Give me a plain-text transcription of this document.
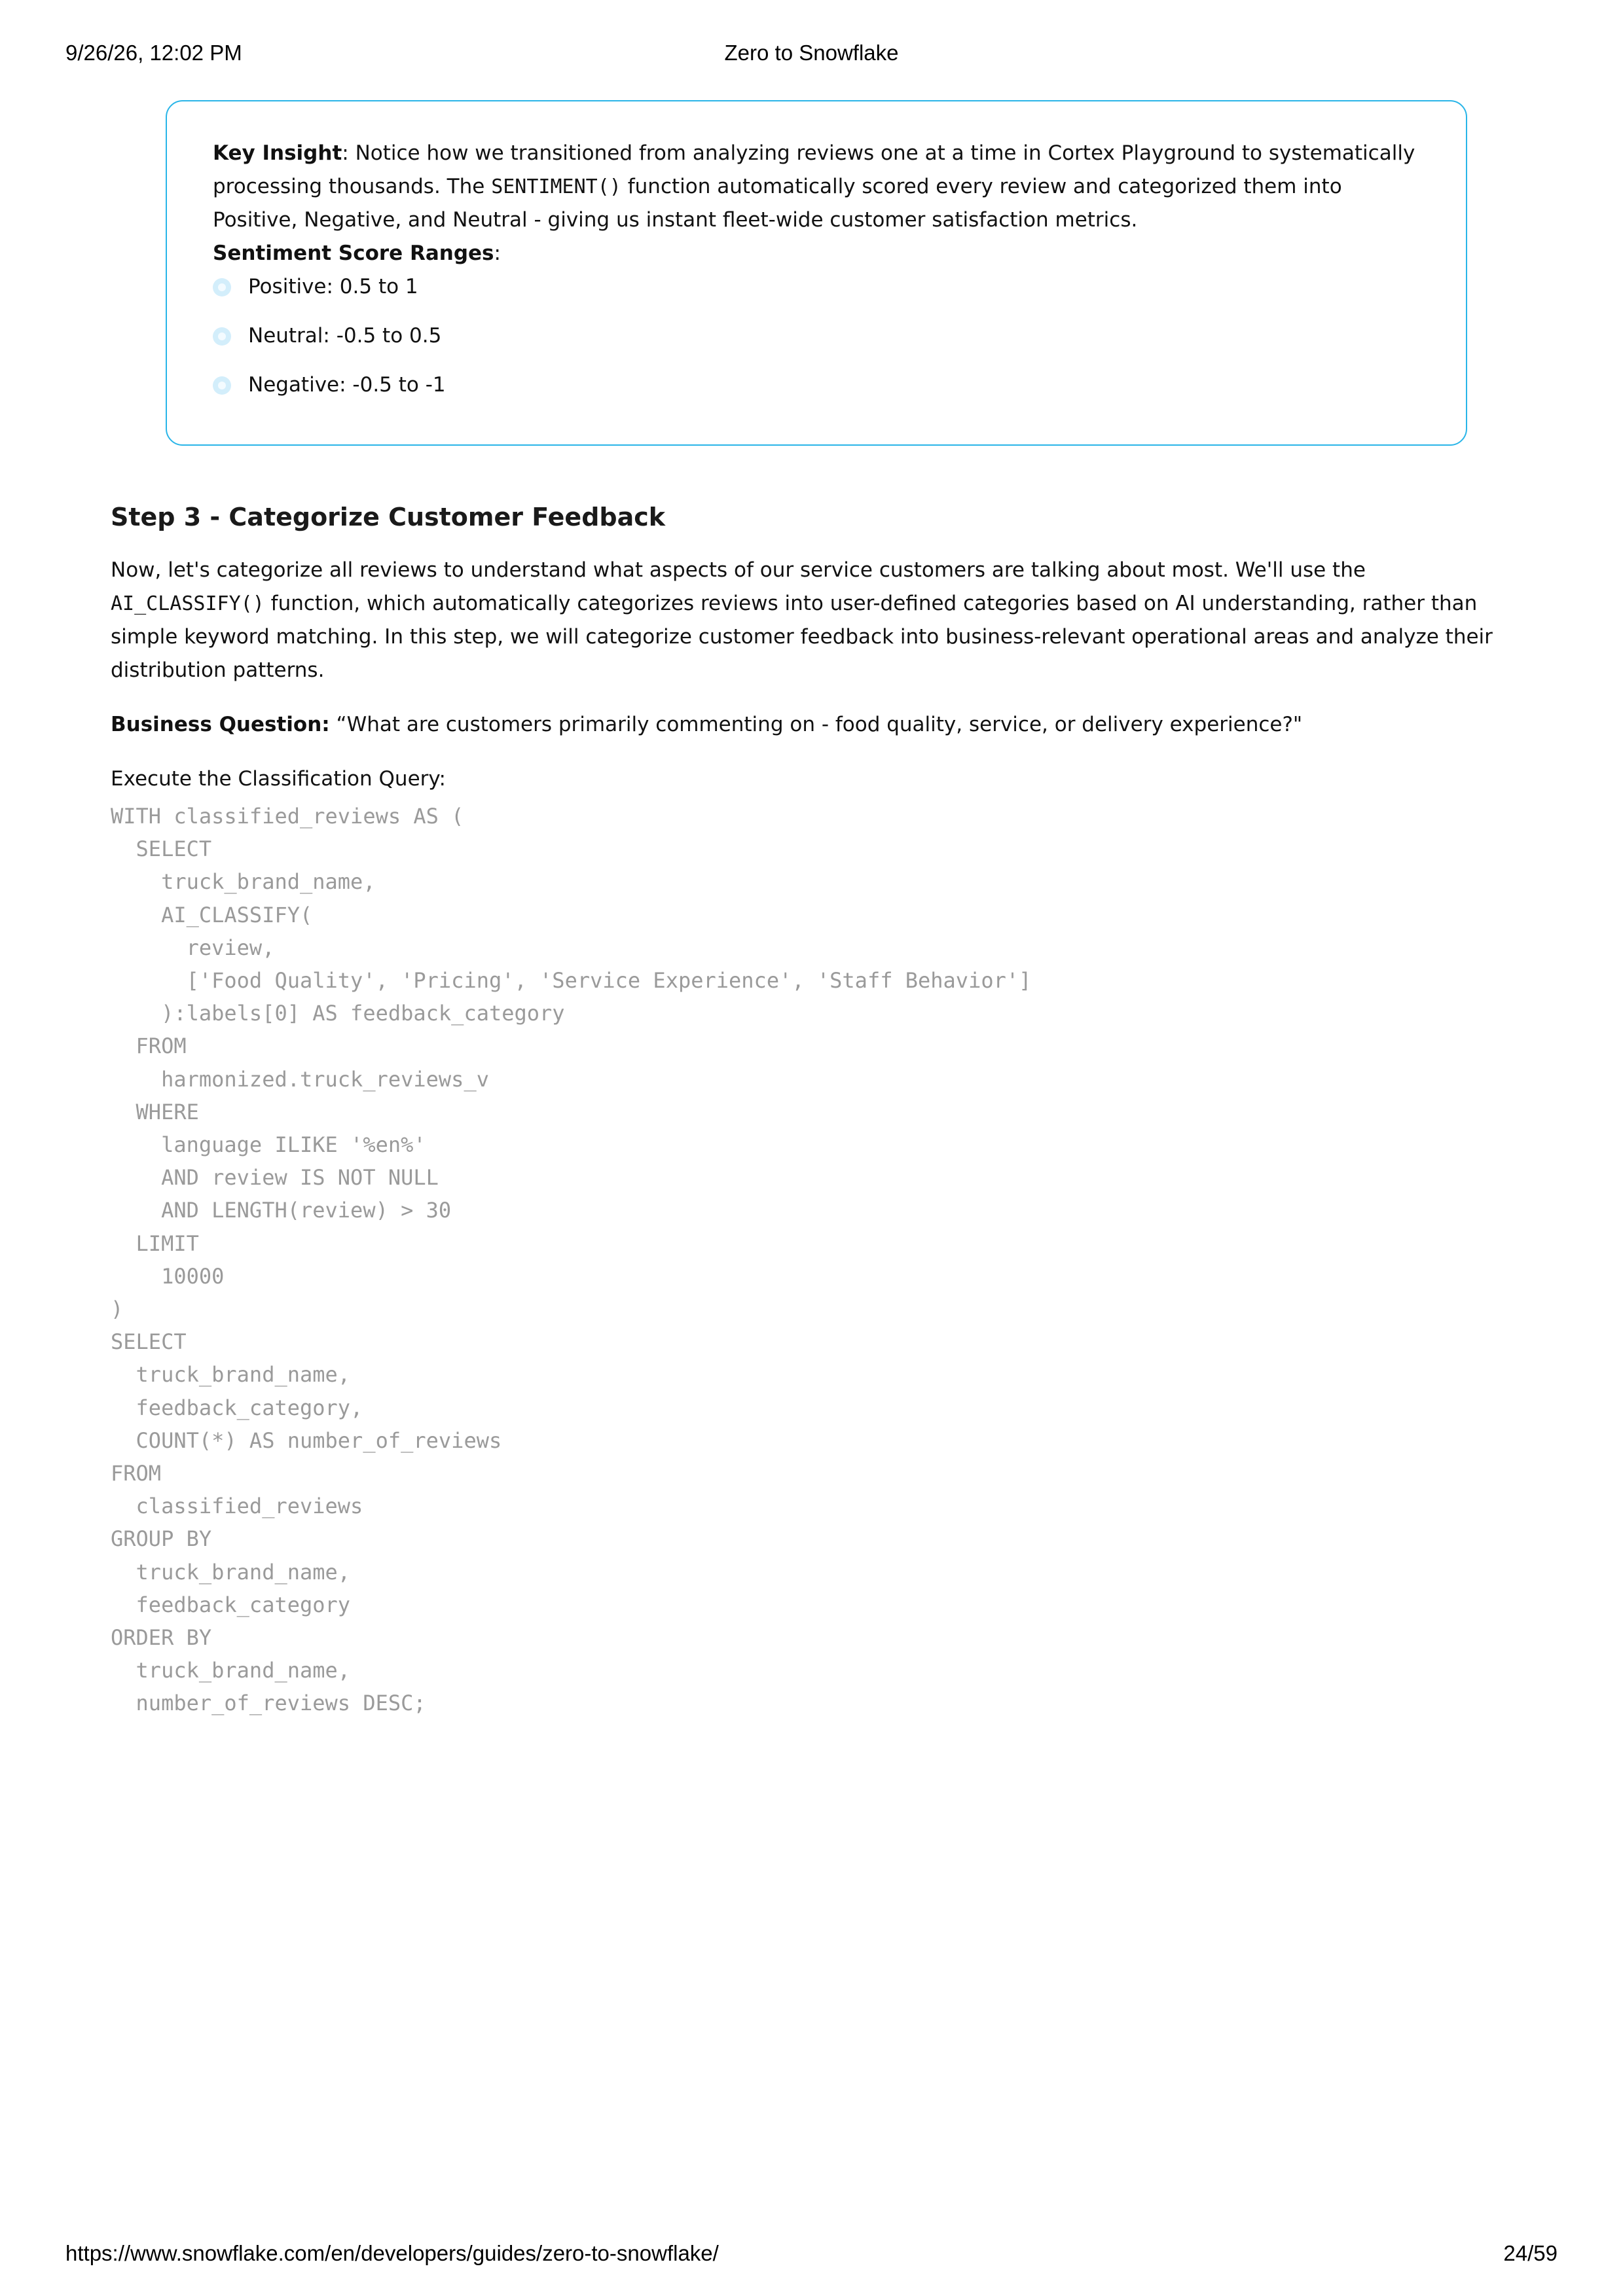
9/26/26, 12:02 PM	Zero to Snowflake

Key Insight: Notice how we transitioned from analyzing reviews one at a time in Cortex Playground to systematically processing thousands. The SENTIMENT() function automatically scored every review and categorized them into Positive, Negative, and Neutral - giving us instant fleet-wide customer satisfaction metrics.

Sentiment Score Ranges:

Positive: 0.5 to 1
Neutral: -0.5 to 0.5
Negative: -0.5 to -1
Step 3 - Categorize Customer Feedback

Now, let's categorize all reviews to understand what aspects of our service customers are talking about most. We'll use the AI_CLASSIFY() function, which automatically categorizes reviews into user-defined categories based on AI understanding, rather than simple keyword matching. In this step, we will categorize customer feedback into business-relevant operational areas and analyze their distribution patterns.

Business Question: “What are customers primarily commenting on - food quality, service, or delivery experience?"

Execute the Classification Query:

WITH classified_reviews AS (
SELECT
truck_brand_name,
AI_CLASSIFY(
review,
['Food Quality', 'Pricing', 'Service Experience', 'Staff Behavior']
):labels[0] AS feedback_category
FROM
harmonized.truck_reviews_v
WHERE
language ILIKE '%en%'
AND review IS NOT NULL
AND LENGTH(review) > 30
LIMIT
10000
)
SELECT
truck_brand_name,
feedback_category,
COUNT(*) AS number_of_reviews
FROM
classified_reviews
GROUP BY
truck_brand_name,
feedback_category
ORDER BY
truck_brand_name,
number_of_reviews DESC;
https://www.snowflake.com/en/developers/guides/zero-to-snowflake/	24/59
